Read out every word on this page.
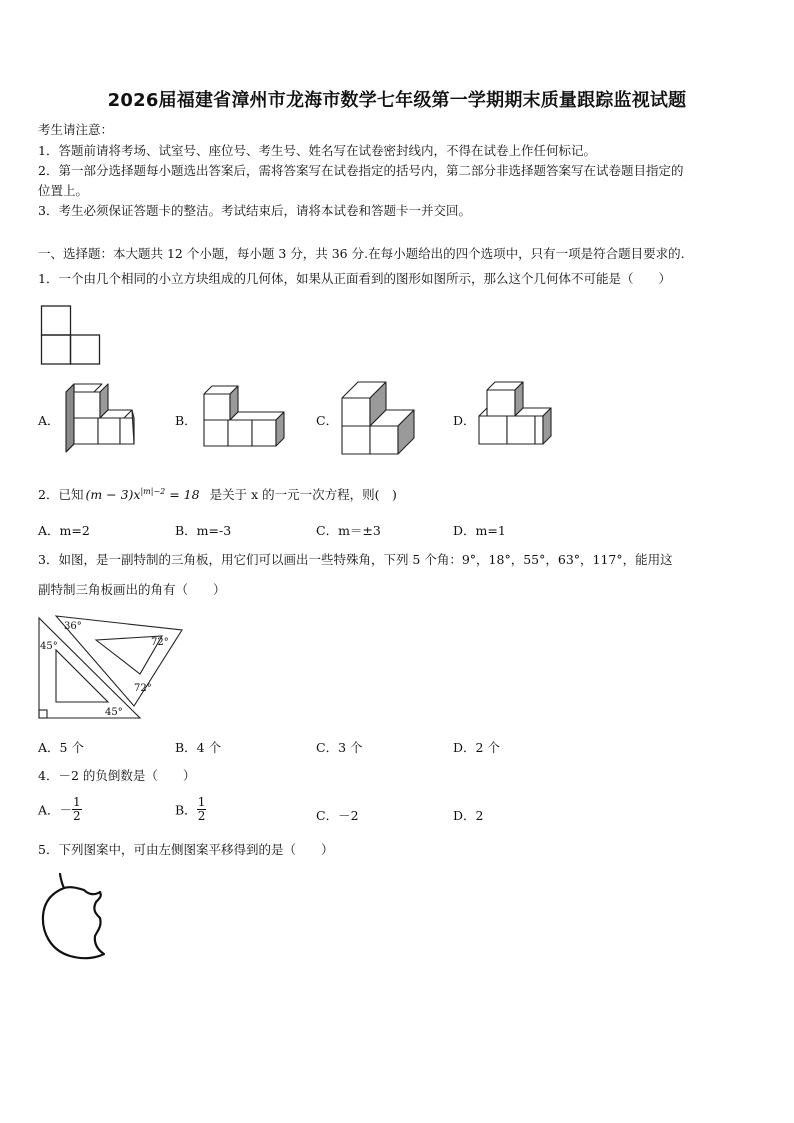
2026届福建省漳州市龙海市数学七年级第一学期期末质量跟踪监视试题
考生请注意：
1．答题前请将考场、试室号、座位号、考生号、姓名写在试卷密封线内，不得在试卷上作任何标记。
2．第一部分选择题每小题选出答案后，需将答案写在试卷指定的括号内，第二部分非选择题答案写在试卷题目指定的
位置上。
3．考生必须保证答题卡的整洁。考试结束后，请将本试卷和答题卡一并交回。
一、选择题：本大题共 12 个小题，每小题 3 分，共 36 分.在每小题给出的四个选项中，只有一项是符合题目要求的.
1．一个由几个相同的小立方块组成的几何体，如果从正面看到的图形如图所示，那么这个几何体不可能是（　　）
A．	B．	C．	D．
2．已知 $(m - 3)x^{|m|-2} = 18$ 是关于 x 的一元一次方程，则(　)
A．m=2	B．m=-3	C．m＝±3	D．m=1
3．如图，是一副特制的三角板，用它们可以画出一些特殊角，下列 5 个角：9°，18°，55°，63°，117°，能用这
副特制三角板画出的角有（　　）
36°
72°
45°
72°
45°
A．5 个	B．4 个	C．3 个	D．2 个
4．－2 的负倒数是（　　）
A．－ $\frac{1}{2}$	B． $\frac{1}{2}$	C．－2	D．2
5．下列图案中，可由左侧图案平移得到的是（　　）
